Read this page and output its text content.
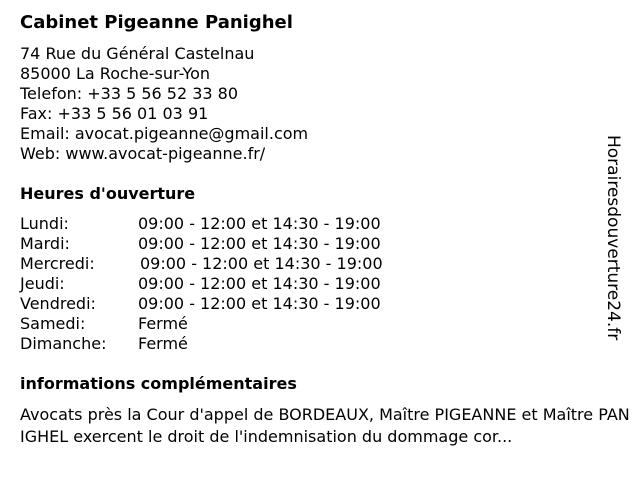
Cabinet Pigeanne Panighel
74 Rue du Général Castelnau
85000 La Roche-sur-Yon
Telefon: +33 5 56 52 33 80
Fax: +33 5 56 01 03 91
Email: avocat.pigeanne@gmail.com
Web: www.avocat-pigeanne.fr/
Heures d'ouverture
Lundi:	09:00 - 12:00 et 14:30 - 19:00
Mardi:	09:00 - 12:00 et 14:30 - 19:00
Mercredi:	09:00 - 12:00 et 14:30 - 19:00
Jeudi:	09:00 - 12:00 et 14:30 - 19:00
Vendredi:	09:00 - 12:00 et 14:30 - 19:00
Samedi:	Fermé
Dimanche: Fermé
informations complémentaires
Avocats près la Cour d'appel de BORDEAUX, Maître PIGEANNE et Maître PANIGHEL exercent le droit de l'indemnisation du dommage cor...
Horairesdouverture24.fr
